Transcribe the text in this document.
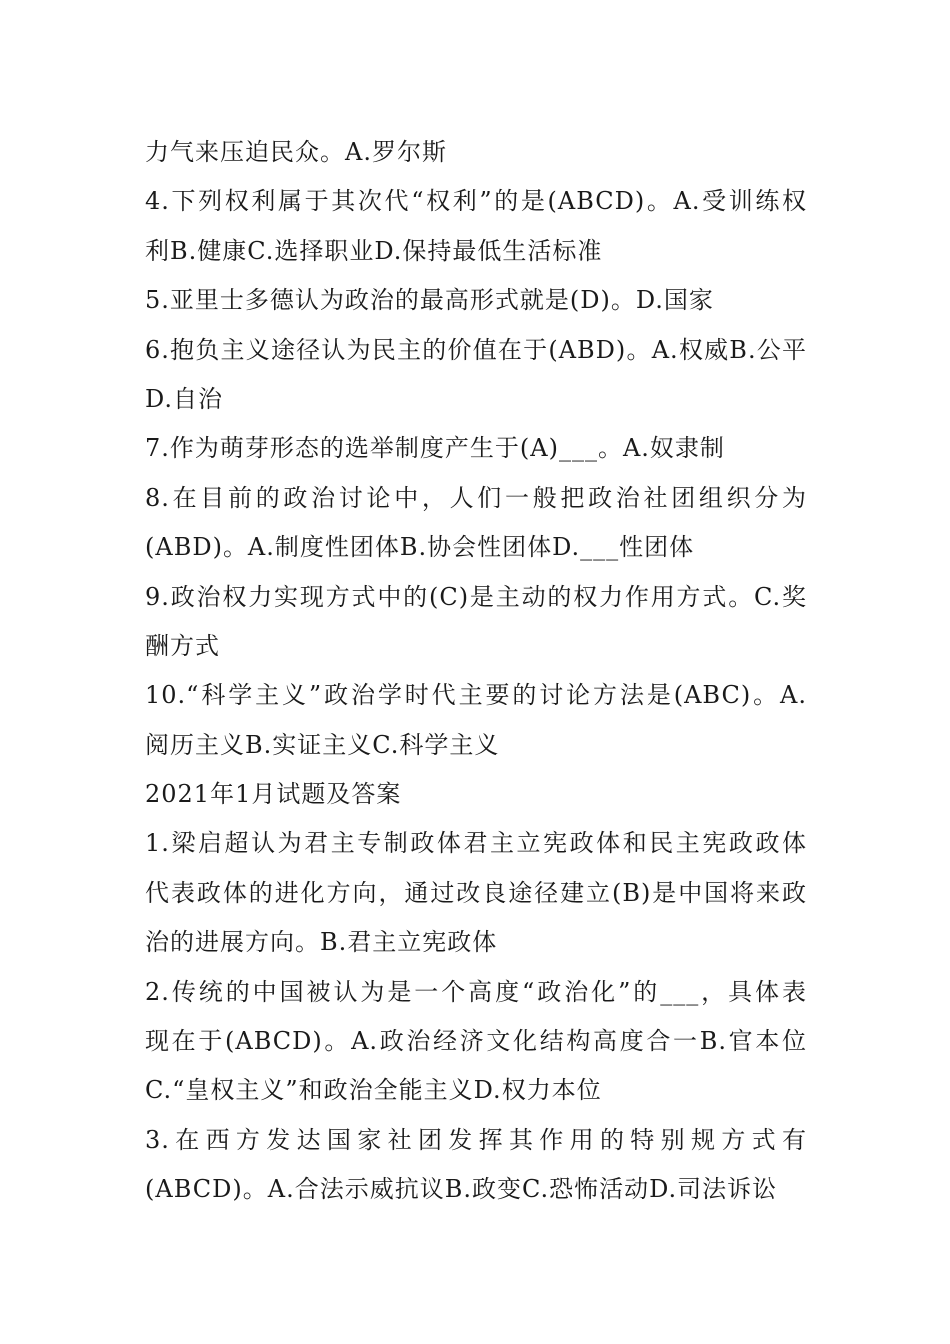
力气来压迫民众。A.罗尔斯
4.下列权利属于其次代“权利”的是(ABCD)。A.受训练权
利B.健康C.选择职业D.保持最低生活标准
5.亚里士多德认为政治的最高形式就是(D)。D.国家
6.抱负主义途径认为民主的价值在于(ABD)。A.权威B.公平
D.自治
7.作为萌芽形态的选举制度产生于(A)___。A.奴隶制
8.在目前的政治讨论中，人们一般把政治社团组织分为
(ABD)。A.制度性团体B.协会性团体D.___性团体
9.政治权力实现方式中的(C)是主动的权力作用方式。C.奖
酬方式
10.“科学主义”政治学时代主要的讨论方法是(ABC)。A.
阅历主义B.实证主义C.科学主义
2021年1月试题及答案
1.梁启超认为君主专制政体君主立宪政体和民主宪政政体
代表政体的进化方向，通过改良途径建立(B)是中国将来政
治的进展方向。B.君主立宪政体
2.传统的中国被认为是一个高度“政治化”的___，具体表
现在于(ABCD)。A.政治经济文化结构高度合一B.官本位
C.“皇权主义”和政治全能主义D.权力本位
3.在西方发达国家社团发挥其作用的特别规方式有
(ABCD)。A.合法示威抗议B.政变C.恐怖活动D.司法诉讼
